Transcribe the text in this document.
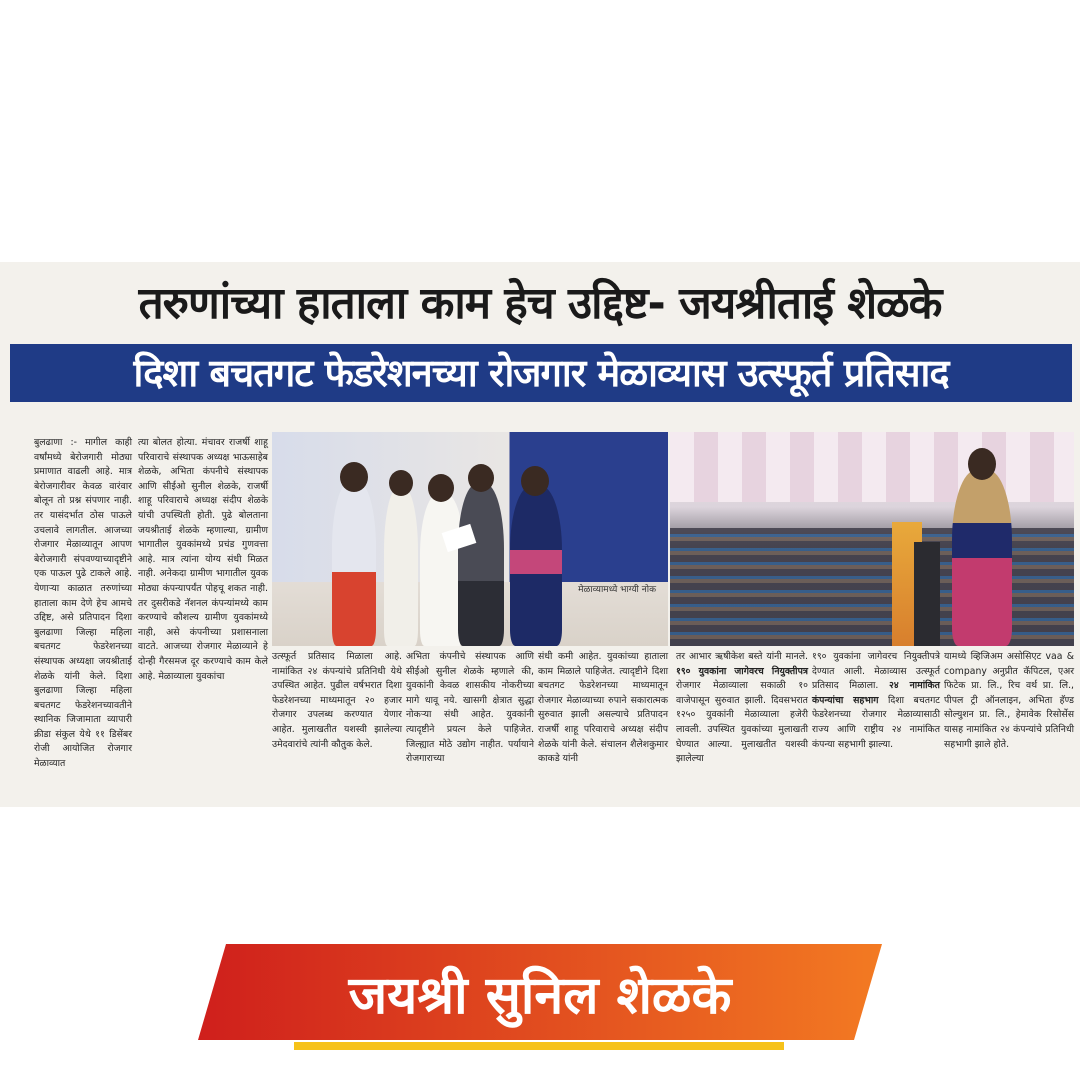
तरुणांच्या हाताला काम हेच उद्दिष्ट- जयश्रीताई शेळके
दिशा बचतगट फेडरेशनच्या रोजगार मेळाव्यास उत्स्फूर्त प्रतिसाद

बुलढाणा :- मागील काही वर्षांमध्ये बेरोजगारी मोठ्या प्रमाणात वाढली आहे. मात्र बेरोजगारीवर केवळ वारंवार बोलून तो प्रश्न संपणार नाही. तर यासंदर्भात ठोस पाऊले उचलावे लागतील. आजच्या रोजगार मेळाव्यातून आपण बेरोजगारी संपवण्याच्यादृष्टीने एक पाऊल पुढे टाकले आहे. येणाऱ्या काळात तरुणांच्या हाताला काम देणे हेच आमचे उद्दिष्ट, असे प्रतिपादन दिशा बुलढाणा जिल्हा महिला बचतगट फेडरेशनच्या संस्थापक अध्यक्षा जयश्रीताई शेळके यांनी केले. दिशा बुलढाणा जिल्हा महिला बचतगट फेडरेशनच्यावतीने स्थानिक जिजामाता व्यापारी क्रीडा संकुल येथे ११ डिसेंबर रोजी आयोजित रोजगार मेळाव्यात

त्या बोलत होत्या. मंचावर राजर्षी शाहू परिवाराचे संस्थापक अध्यक्ष भाऊसाहेब शेळके, अभिता कंपनीचे संस्थापक आणि सीईओ सुनील शेळके, राजर्षी शाहू परिवाराचे अध्यक्ष संदीप शेळके यांची उपस्थिती होती. पुढे बोलताना जयश्रीताई शेळके म्हणाल्या, ग्रामीण भागातील युवकांमध्ये प्रचंड गुणवत्ता आहे. मात्र त्यांना योग्य संधी मिळत नाही. अनेकदा ग्रामीण भागातील युवक मोठ्या कंपन्यापर्यंत पोहचू शकत नाही. तर दुसरीकडे नॅशनल कंपन्यांमध्ये काम करण्याचे कौशल्य ग्रामीण युवकांमध्ये नाही, असे कंपनीच्या प्रशासनाला वाटते. आजच्या रोजगार मेळाव्याने हे दोन्ही गैरसमज दूर करण्याचे काम केले आहे. मेळाव्याला युवकांचा

मेळाव्यामध्ये भाग्यी नोक

उत्स्फूर्त प्रतिसाद मिळाला आहे. नामांकित २४ कंपन्यांचे प्रतिनिधी येथे उपस्थित आहेत. पुढील वर्षभरात दिशा फेडरेशनच्या माध्यमातून २० हजार रोजगार उपलब्ध करण्यात येणार आहेत. मुलाखतीत यशस्वी झालेल्या उमेदवारांचे त्यांनी कौतुक केले.

अभिता कंपनीचे संस्थापक आणि सीईओ सुनील शेळके म्हणाले की, युवकांनी केवळ शासकीय नोकरीच्या मागे धावू नये. खासगी क्षेत्रात सुद्धा नोकऱ्या संधी आहेत. युवकांनी त्यादृष्टीने प्रयत्न केले पाहिजेत. जिल्ह्यात मोठे उद्योग नाहीत. पर्यायाने रोजगाराच्या

संधी कमी आहेत. युवकांच्या हाताला काम मिळाले पाहिजेत. त्यादृष्टीने दिशा बचतगट फेडरेशनच्या माध्यमातून रोजगार मेळाव्याच्या रुपाने सकारात्मक सुरुवात झाली असल्याचे प्रतिपादन राजर्षी शाहू परिवाराचे अध्यक्ष संदीप शेळके यांनी केले. संचालन शैलेशकुमार काकडे यांनी

तर आभार ऋषीकेश बस्ते यांनी मानले. १९० युवकांना जागेवरच नियुक्तीपत्र रोजगार मेळाव्याला सकाळी १० वाजेपासून सुरुवात झाली. दिवसभरात १२५० युवकांनी मेळाव्याला हजेरी लावली. उपस्थित युवकांच्या मुलाखती घेण्यात आल्या. मुलाखतीत यशस्वी झालेल्या

१९० युवकांना जागेवरच नियुक्तीपत्रे देण्यात आली. मेळाव्यास उत्स्फूर्त प्रतिसाद मिळाला. २४ नामांकित कंपन्यांचा सहभाग दिशा बचतगट फेडरेशनच्या रोजगार मेळाव्यासाठी राज्य आणि राष्ट्रीय २४ नामांकित कंपन्या सहभागी झाल्या.

यामध्ये व्हिजिअम असोसिएट vaa & company अनुप्रीत कॅपिटल, एअर फिटेक प्रा. लि., रिच वर्थ प्रा. लि., पीपल ट्री ऑनलाइन, अभिता हॅण्ड सोल्युशन प्रा. लि., हेमावेक रिसोर्सेस यासह नामांकित २४ कंपन्यांचे प्रतिनिधी सहभागी झाले होते.

जयश्री सुनिल शेळके
